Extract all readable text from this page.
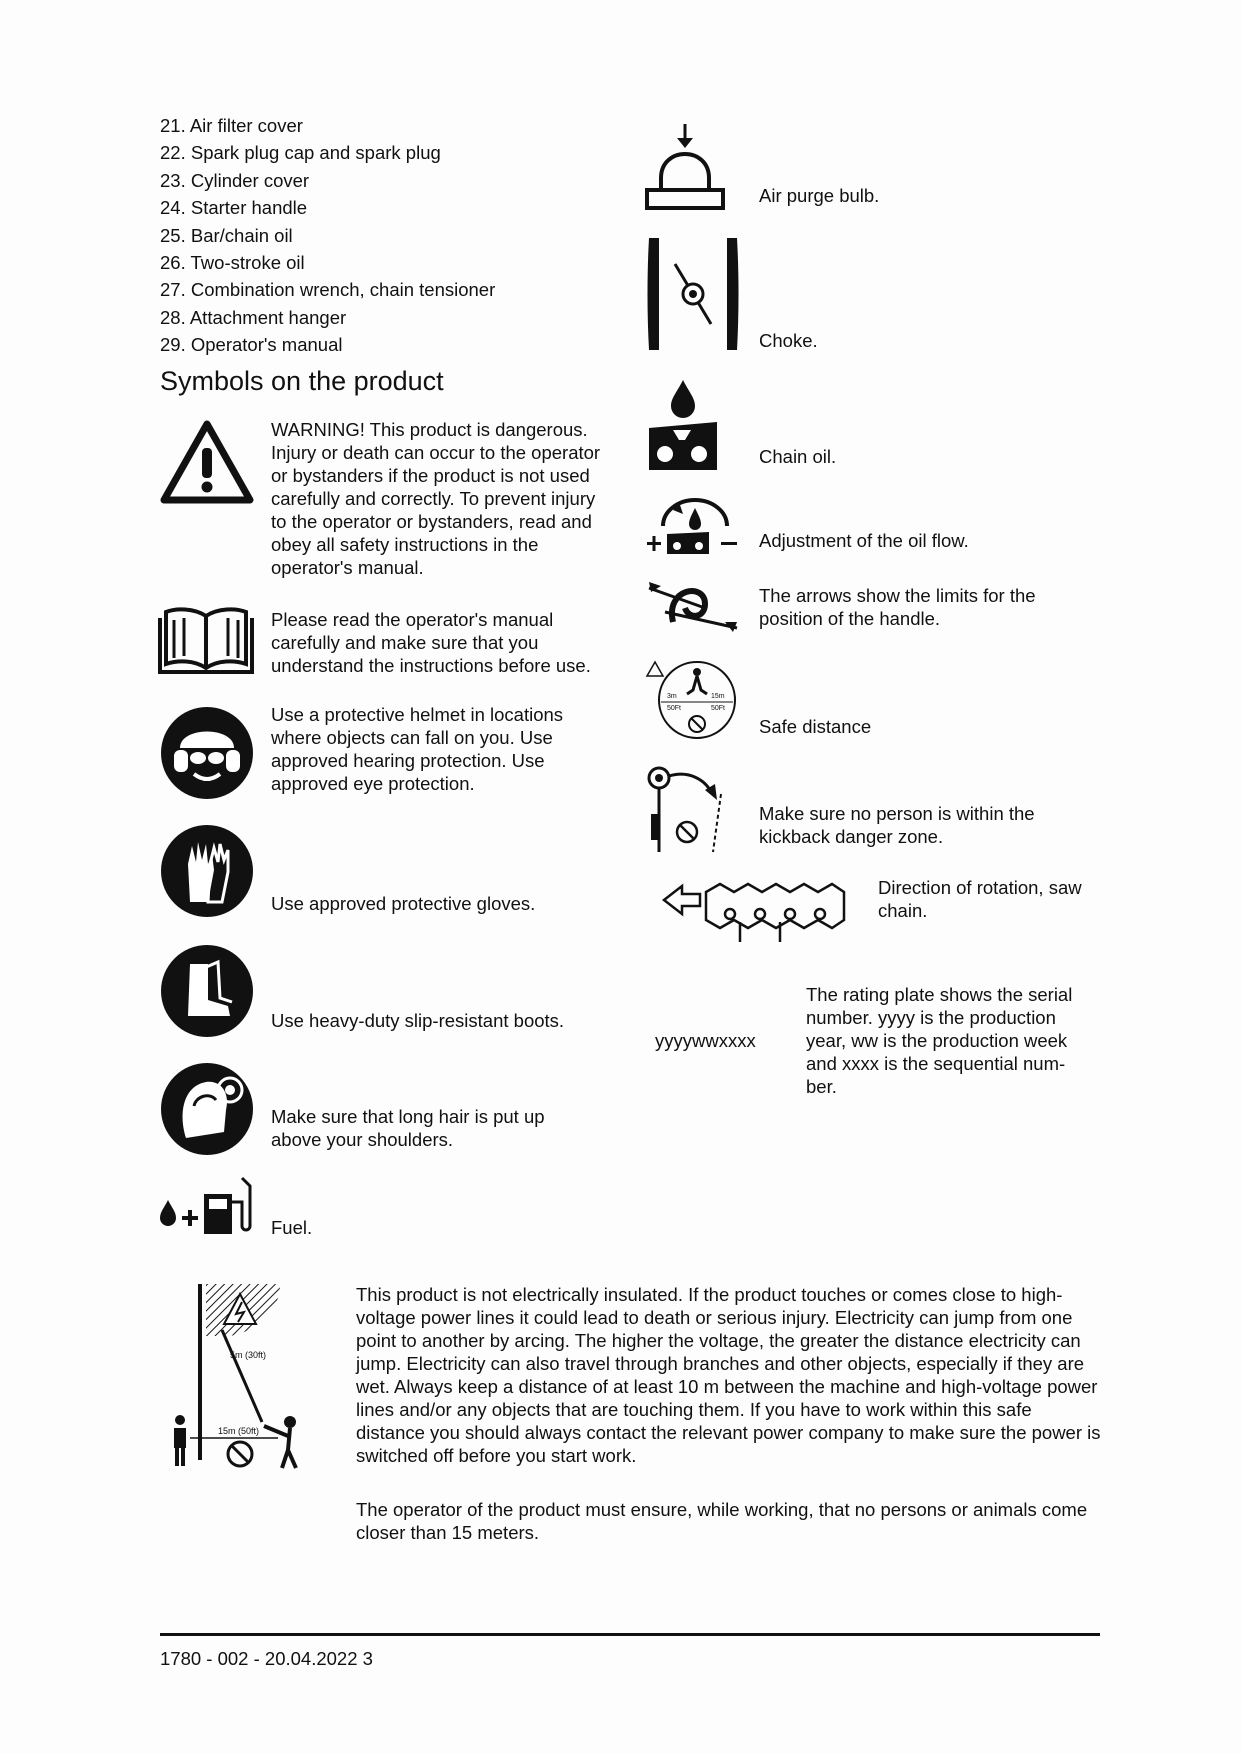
21. Air filter cover
22. Spark plug cap and spark plug
23. Cylinder cover
24. Starter handle
25. Bar/chain oil
26. Two-stroke oil
27. Combination wrench, chain tensioner
28. Attachment hanger
29. Operator's manual
Symbols on the product
WARNING! This product is dangerous. Injury or death can occur to the operator or bystanders if the product is not used carefully and correctly. To prevent injury to the operator or bystanders, read and obey all safety instructions in the operator's manual.
Please read the operator's manual carefully and make sure that you understand the instructions before use.
Use a protective helmet in locations where objects can fall on you. Use approved hearing protection. Use approved eye protection.
Use approved protective gloves.
Use heavy-duty slip-resistant boots.
Make sure that long hair is put up above your shoulders.
Fuel.
Air purge bulb.
Choke.
Chain oil.
Adjustment of the oil flow.
The arrows show the limits for the position of the handle.
3m
50Ft
15m
50Ft
Safe distance
Make sure no person is within the kickback danger zone.
Direction of rotation, saw chain.
yyyywwxxxx
The rating plate shows the serial number. yyyy is the production year, ww is the production week and xxxx is the sequential num-ber.
5m (30ft)
15m (50ft)
This product is not electrically insulated. If the product touches or comes close to high-voltage power lines it could lead to death or serious injury. Electricity can jump from one point to another by arcing. The higher the voltage, the greater the distance electricity can jump. Electricity can also travel through branches and other objects, especially if they are wet. Always keep a distance of at least 10 m between the machine and high-voltage power lines and/or any objects that are touching them. If you have to work within this safe distance you should always contact the relevant power company to make sure the power is switched off before you start work.
The operator of the product must ensure, while working, that no persons or animals come closer than 15 meters.
1780 - 002 - 20.04.2022 3
